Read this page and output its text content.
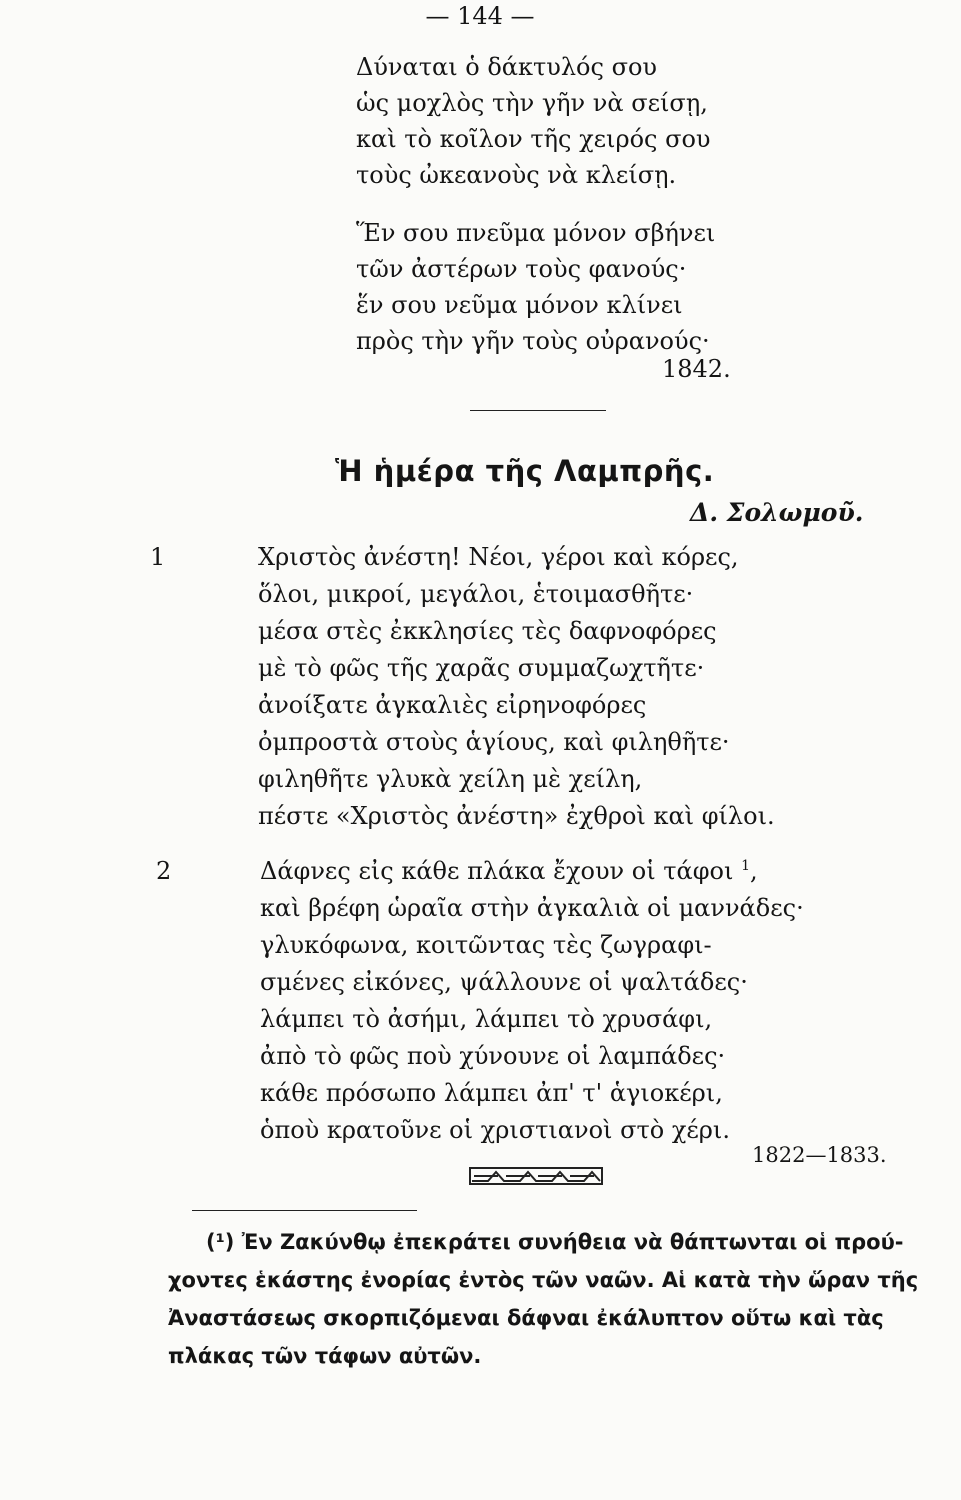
— 144 —
Δύναται ὁ δάκτυλός σου
ὡς μοχλὸς τὴν γῆν νὰ σείσῃ,
καὶ τὸ κοῖλον τῆς χειρός σου
τοὺς ὠκεανοὺς νὰ κλείσῃ.
Ἕν σου πνεῦμα μόνον σβήνει
τῶν ἀστέρων τοὺς φανούς·
ἕν σου νεῦμα μόνον κλίνει
πρὸς τὴν γῆν τοὺς οὐρανούς·
1842.
Ἡ ἡμέρα τῆς Λαμπρῆς.
Δ. Σολωμοῦ.
1	Χριστὸς ἀνέστη! Νέοι, γέροι καὶ κόρες,
ὅλοι, μικροί, μεγάλοι, ἑτοιμασθῆτε·
μέσα στὲς ἐκκλησίες τὲς δαφνοφόρες
μὲ τὸ φῶς τῆς χαρᾶς συμμαζωχτῆτε·
ἀνοίξατε ἀγκαλιὲς εἰρηνοφόρες
ὀμπροστὰ στοὺς ἁγίους, καὶ φιληθῆτε·
φιληθῆτε γλυκὰ χείλη μὲ χείλη,
πέστε «Χριστὸς ἀνέστη» ἐχθροὶ καὶ φίλοι.
2	Δάφνες εἰς κάθε πλάκα ἔχουν οἱ τάφοι $^1$,
καὶ βρέφη ὡραῖα στὴν ἀγκαλιὰ οἱ μαννάδες·
γλυκόφωνα, κοιτῶντας τὲς ζωγραφι-
σμένες εἰκόνες, ψάλλουνε οἱ ψαλτάδες·
λάμπει τὸ ἀσήμι, λάμπει τὸ χρυσάφι,
ἀπὸ τὸ φῶς ποὺ χύνουνε οἱ λαμπάδες·
κάθε πρόσωπο λάμπει ἀπ' τ' ἁγιοκέρι,
ὁποὺ κρατοῦνε οἱ χριστιανοὶ στὸ χέρι.
1822—1833.
(¹) Ἐν Ζακύνθῳ ἐπεκράτει συνήθεια νὰ θάπτωνται οἱ πρού-
χοντες ἑκάστης ἐνορίας ἐντὸς τῶν ναῶν. Αἱ κατὰ τὴν ὥραν τῆς
Ἀναστάσεως σκορπιζόμεναι δάφναι ἐκάλυπτον οὕτω καὶ τὰς
πλάκας τῶν τάφων αὐτῶν.
